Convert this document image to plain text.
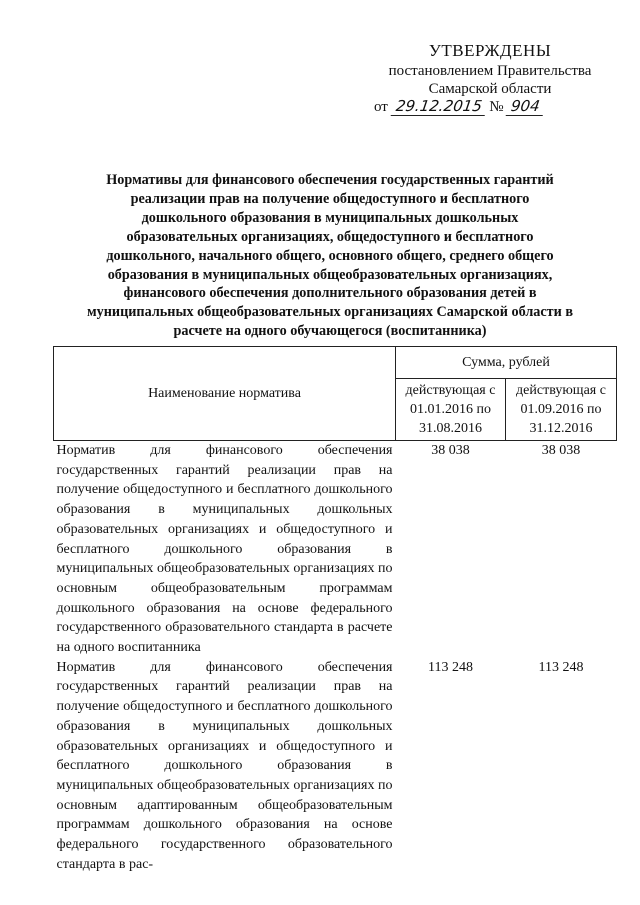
УТВЕРЖДЕНЫ
постановлением Правительства
Самарской области
от 29.12.2015 № 904
Нормативы для финансового обеспечения государственных гарантий
реализации прав на получение общедоступного и бесплатного
дошкольного образования в муниципальных дошкольных
образовательных организациях, общедоступного и бесплатного
дошкольного, начального общего, основного общего, среднего общего
образования в муниципальных общеобразовательных организациях,
финансового обеспечения дополнительного образования детей в
муниципальных общеобразовательных организациях Самарской области в
расчете на одного обучающегося (воспитанника)
Наименование норматива	Сумма, рублей	
	действующая с 01.01.2016 по 31.08.2016	действующая с 01.09.2016 по 31.12.2016
Норматив для финансового обеспечения государственных гарантий реализации прав на получение общедоступного и бесплатного дошкольного образования в муниципальных дошкольных образовательных организациях и общедоступного и бесплатного дошкольного образования в муниципальных общеобразовательных организациях по основным общеобразовательным программам дошкольного образования на основе федерального государственного образовательного стандарта в расчете на одного воспитанника	38 038	38 038
Норматив для финансового обеспечения государственных гарантий реализации прав на получение общедоступного и бесплатного дошкольного образования в муниципальных дошкольных образовательных организациях и общедоступного и бесплатного дошкольного образования в муниципальных общеобразовательных организациях по основным адаптированным общеобразовательным программам дошкольного образования на основе федерального государственного образовательного стандарта в рас-	113 248	113 248
